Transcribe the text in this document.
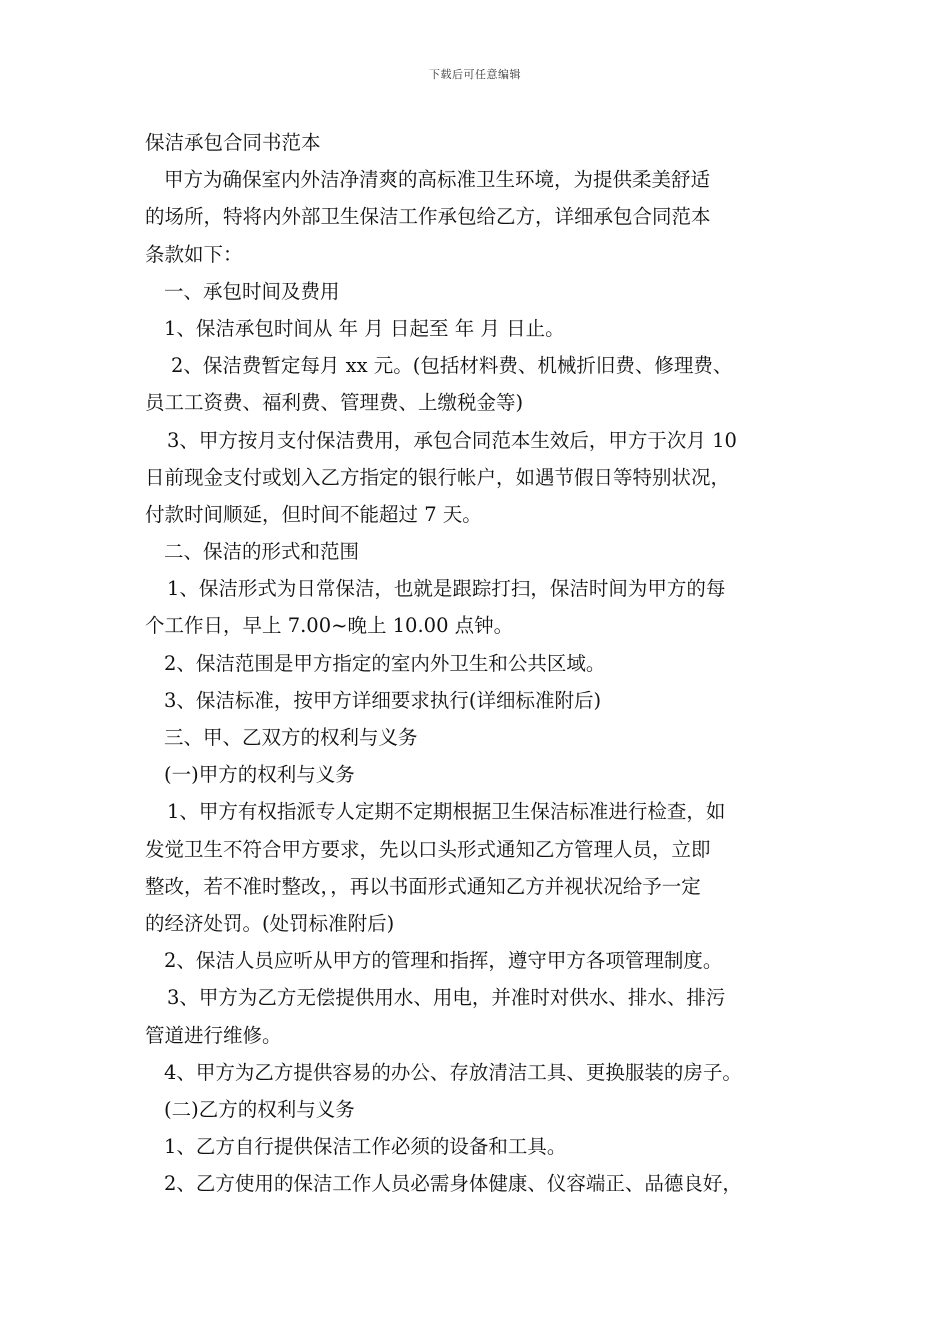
下载后可任意编辑
保洁承包合同书范本
甲方为确保室内外洁净清爽的高标准卫生环境，为提供柔美舒适
的场所，特将内外部卫生保洁工作承包给乙方，详细承包合同范本
条款如下：
一、承包时间及费用
1、保洁承包时间从 年 月 日起至 年 月 日止。
2、保洁费暂定每月 xx 元。(包括材料费、机械折旧费、修理费、
员工工资费、福利费、管理费、上缴税金等)
3、甲方按月支付保洁费用，承包合同范本生效后，甲方于次月 10
日前现金支付或划入乙方指定的银行帐户，如遇节假日等特别状况，
付款时间顺延，但时间不能超过 7 天。
二、保洁的形式和范围
1、保洁形式为日常保洁，也就是跟踪打扫，保洁时间为甲方的每
个工作日，早上 7.00~晚上 10.00 点钟。
2、保洁范围是甲方指定的室内外卫生和公共区域。
3、保洁标准，按甲方详细要求执行(详细标准附后)
三、甲、乙双方的权利与义务
(一)甲方的权利与义务
1、甲方有权指派专人定期不定期根据卫生保洁标准进行检查，如
发觉卫生不符合甲方要求，先以口头形式通知乙方管理人员，立即
整改，若不准时整改，，再以书面形式通知乙方并视状况给予一定
的经济处罚。(处罚标准附后)
2、保洁人员应听从甲方的管理和指挥，遵守甲方各项管理制度。
3、甲方为乙方无偿提供用水、用电，并准时对供水、排水、排污
管道进行维修。
4、甲方为乙方提供容易的办公、存放清洁工具、更换服装的房子。
(二)乙方的权利与义务
1、乙方自行提供保洁工作必须的设备和工具。
2、乙方使用的保洁工作人员必需身体健康、仪容端正、品德良好，
